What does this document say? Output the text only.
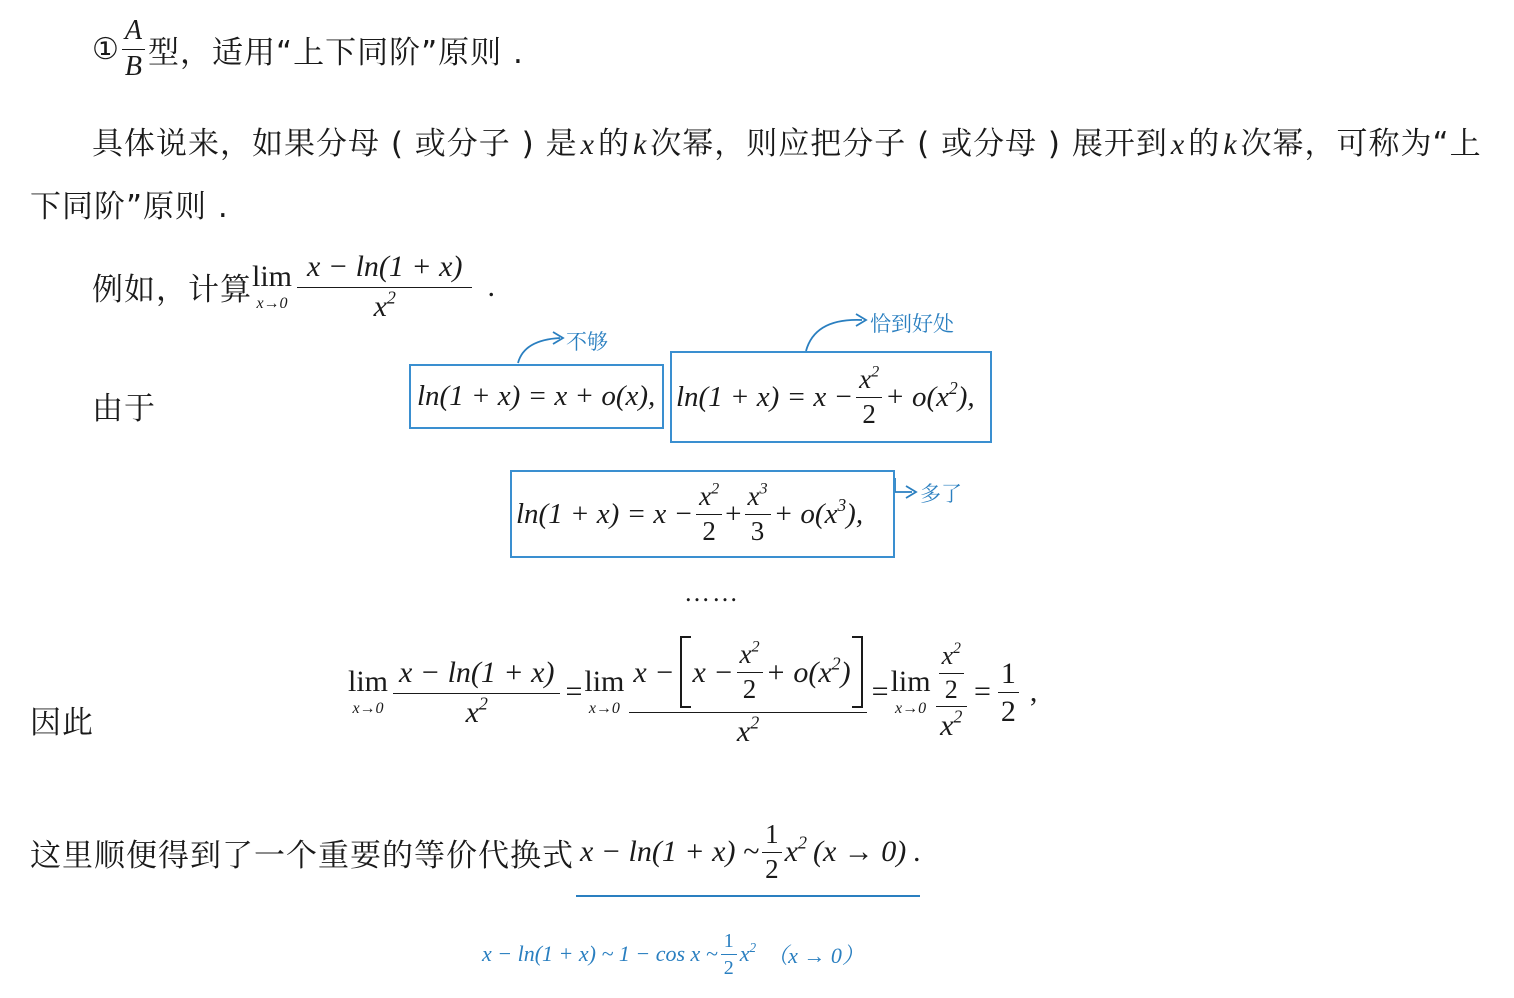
① $\frac{A}{B}$ 型，适用“上下同阶”原则 .
具体说来，如果分母 ( 或分子 ) 是 x的 k次幂，则应把分子 ( 或分母 ) 展开到 x的 k次幂，可称为“上
下同阶”原则 .
例如，计算 lim
$x\to 0 \frac{x - \ln(1 + x)}{x^2}$ .
由于
不够
恰到好处
多了
ln(1 + x) = x + o(x), $\ln(1 + x) = x - \frac{x^2}{2} + o(x^2)$,
$\ln(1 + x) = x - \frac{x^2}{2} + \frac{x^3}{3} + o(x^3)$,
……
因此
lim
$x\to 0 \frac{x - \ln(1 + x)}{x^2} = \lim$
x→0
$x - x - \frac{x^2}{2} + o(x^2)$
$x^2$
= lim
$x\to 0 \frac{\frac{x^2}{2}}{x^2} = \frac{1}{2}$ ,
这里顺便得到了一个重要的等价代换式 x − ln(1 + x) ~ $\frac{1}{2} x^2$ (x → 0) .
x − ln(1 + x) ~ 1 − cos x ~ $\frac{1}{2} x^2$ （x → 0）
